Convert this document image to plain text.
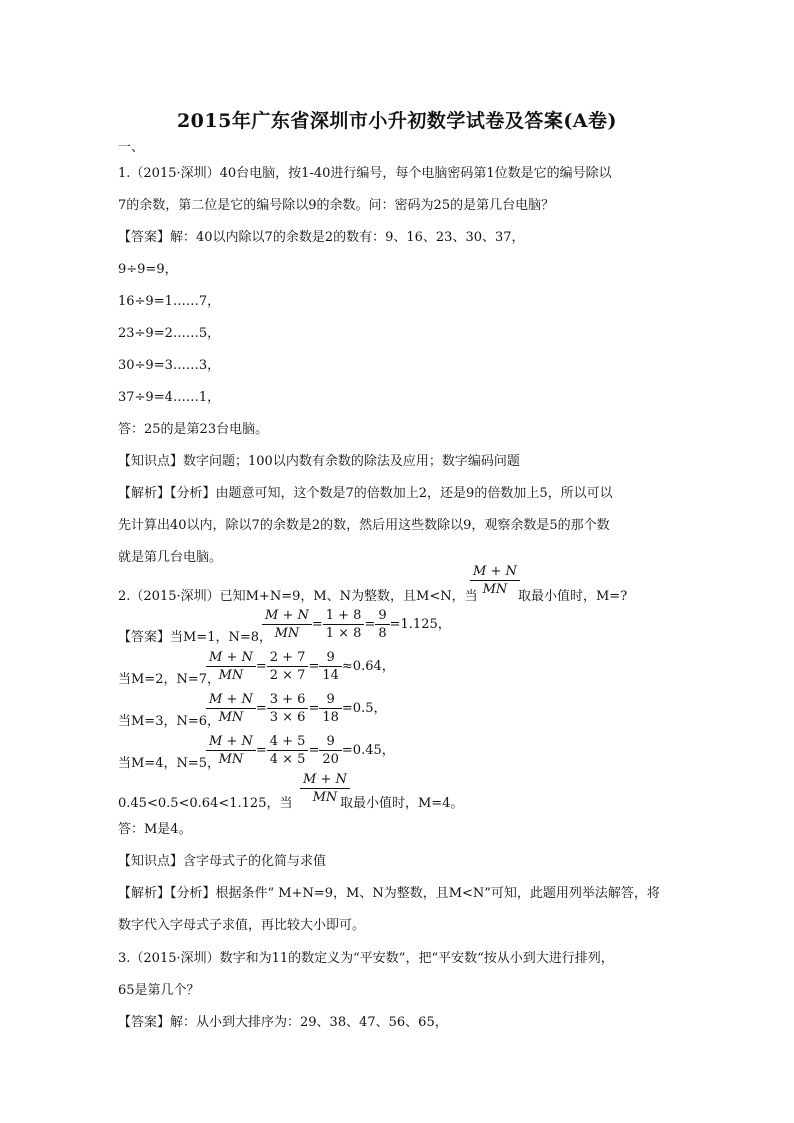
2015年广东省深圳市小升初数学试卷及答案(A卷)
一、
1.（2015·深圳）40台电脑，按1-40进行编号，每个电脑密码第1位数是它的编号除以
7的余数，第二位是它的编号除以9的余数。问：密码为25的是第几台电脑？
【答案】解：40以内除以7的余数是2的数有：9、16、23、30、37，
9÷9=9，
16÷9=1……7，
23÷9=2……5，
30÷9=3……3，
37÷9=4……1，
答：25的是第23台电脑。
【知识点】数字问题；100以内数有余数的除法及应用；数字编码问题
【解析】【分析】由题意可知，这个数是7的倍数加上2，还是9的倍数加上5，所以可以
先计算出40以内，除以7的余数是2的数，然后用这些数除以9，观察余数是5的那个数
就是第几台电脑。
2.（2015·深圳）已知M+N=9，M、N为整数，且M<N，当
$\frac{M + N}{MN}$
取最小值时，M=?
【答案】当M=1，N=8，
$\frac{M + N}{MN} = \frac{1 + 8}{1 \times 8} = \frac{9}{8} =1.125$，
当M=2，N=7，
$\frac{M + N}{MN} = \frac{2 + 7}{2 \times 7} = \frac{9}{14} \approx 0.64$，
当M=3，N=6，
$\frac{M + N}{MN} = \frac{3 + 6}{3 \times 6} = \frac{9}{18} =0.5$，
当M=4，N=5，
$\frac{M + N}{MN} = \frac{4 + 5}{4 \times 5} = \frac{9}{20} =0.45$，
0.45<0.5<0.64<1.125，当 $\frac{M + N}{MN}$
取最小值时，M=4。
答：M是4。
【知识点】含字母式子的化简与求值
【解析】【分析】根据条件“ M+N=9，M、N为整数，且M<N”可知，此题用列举法解答，将
数字代入字母式子求值，再比较大小即可。
3.（2015·深圳）数字和为11的数定义为“平安数”，把“平安数“按从小到大进行排列，
65是第几个？
【答案】解：从小到大排序为：29、38、47、56、65，
